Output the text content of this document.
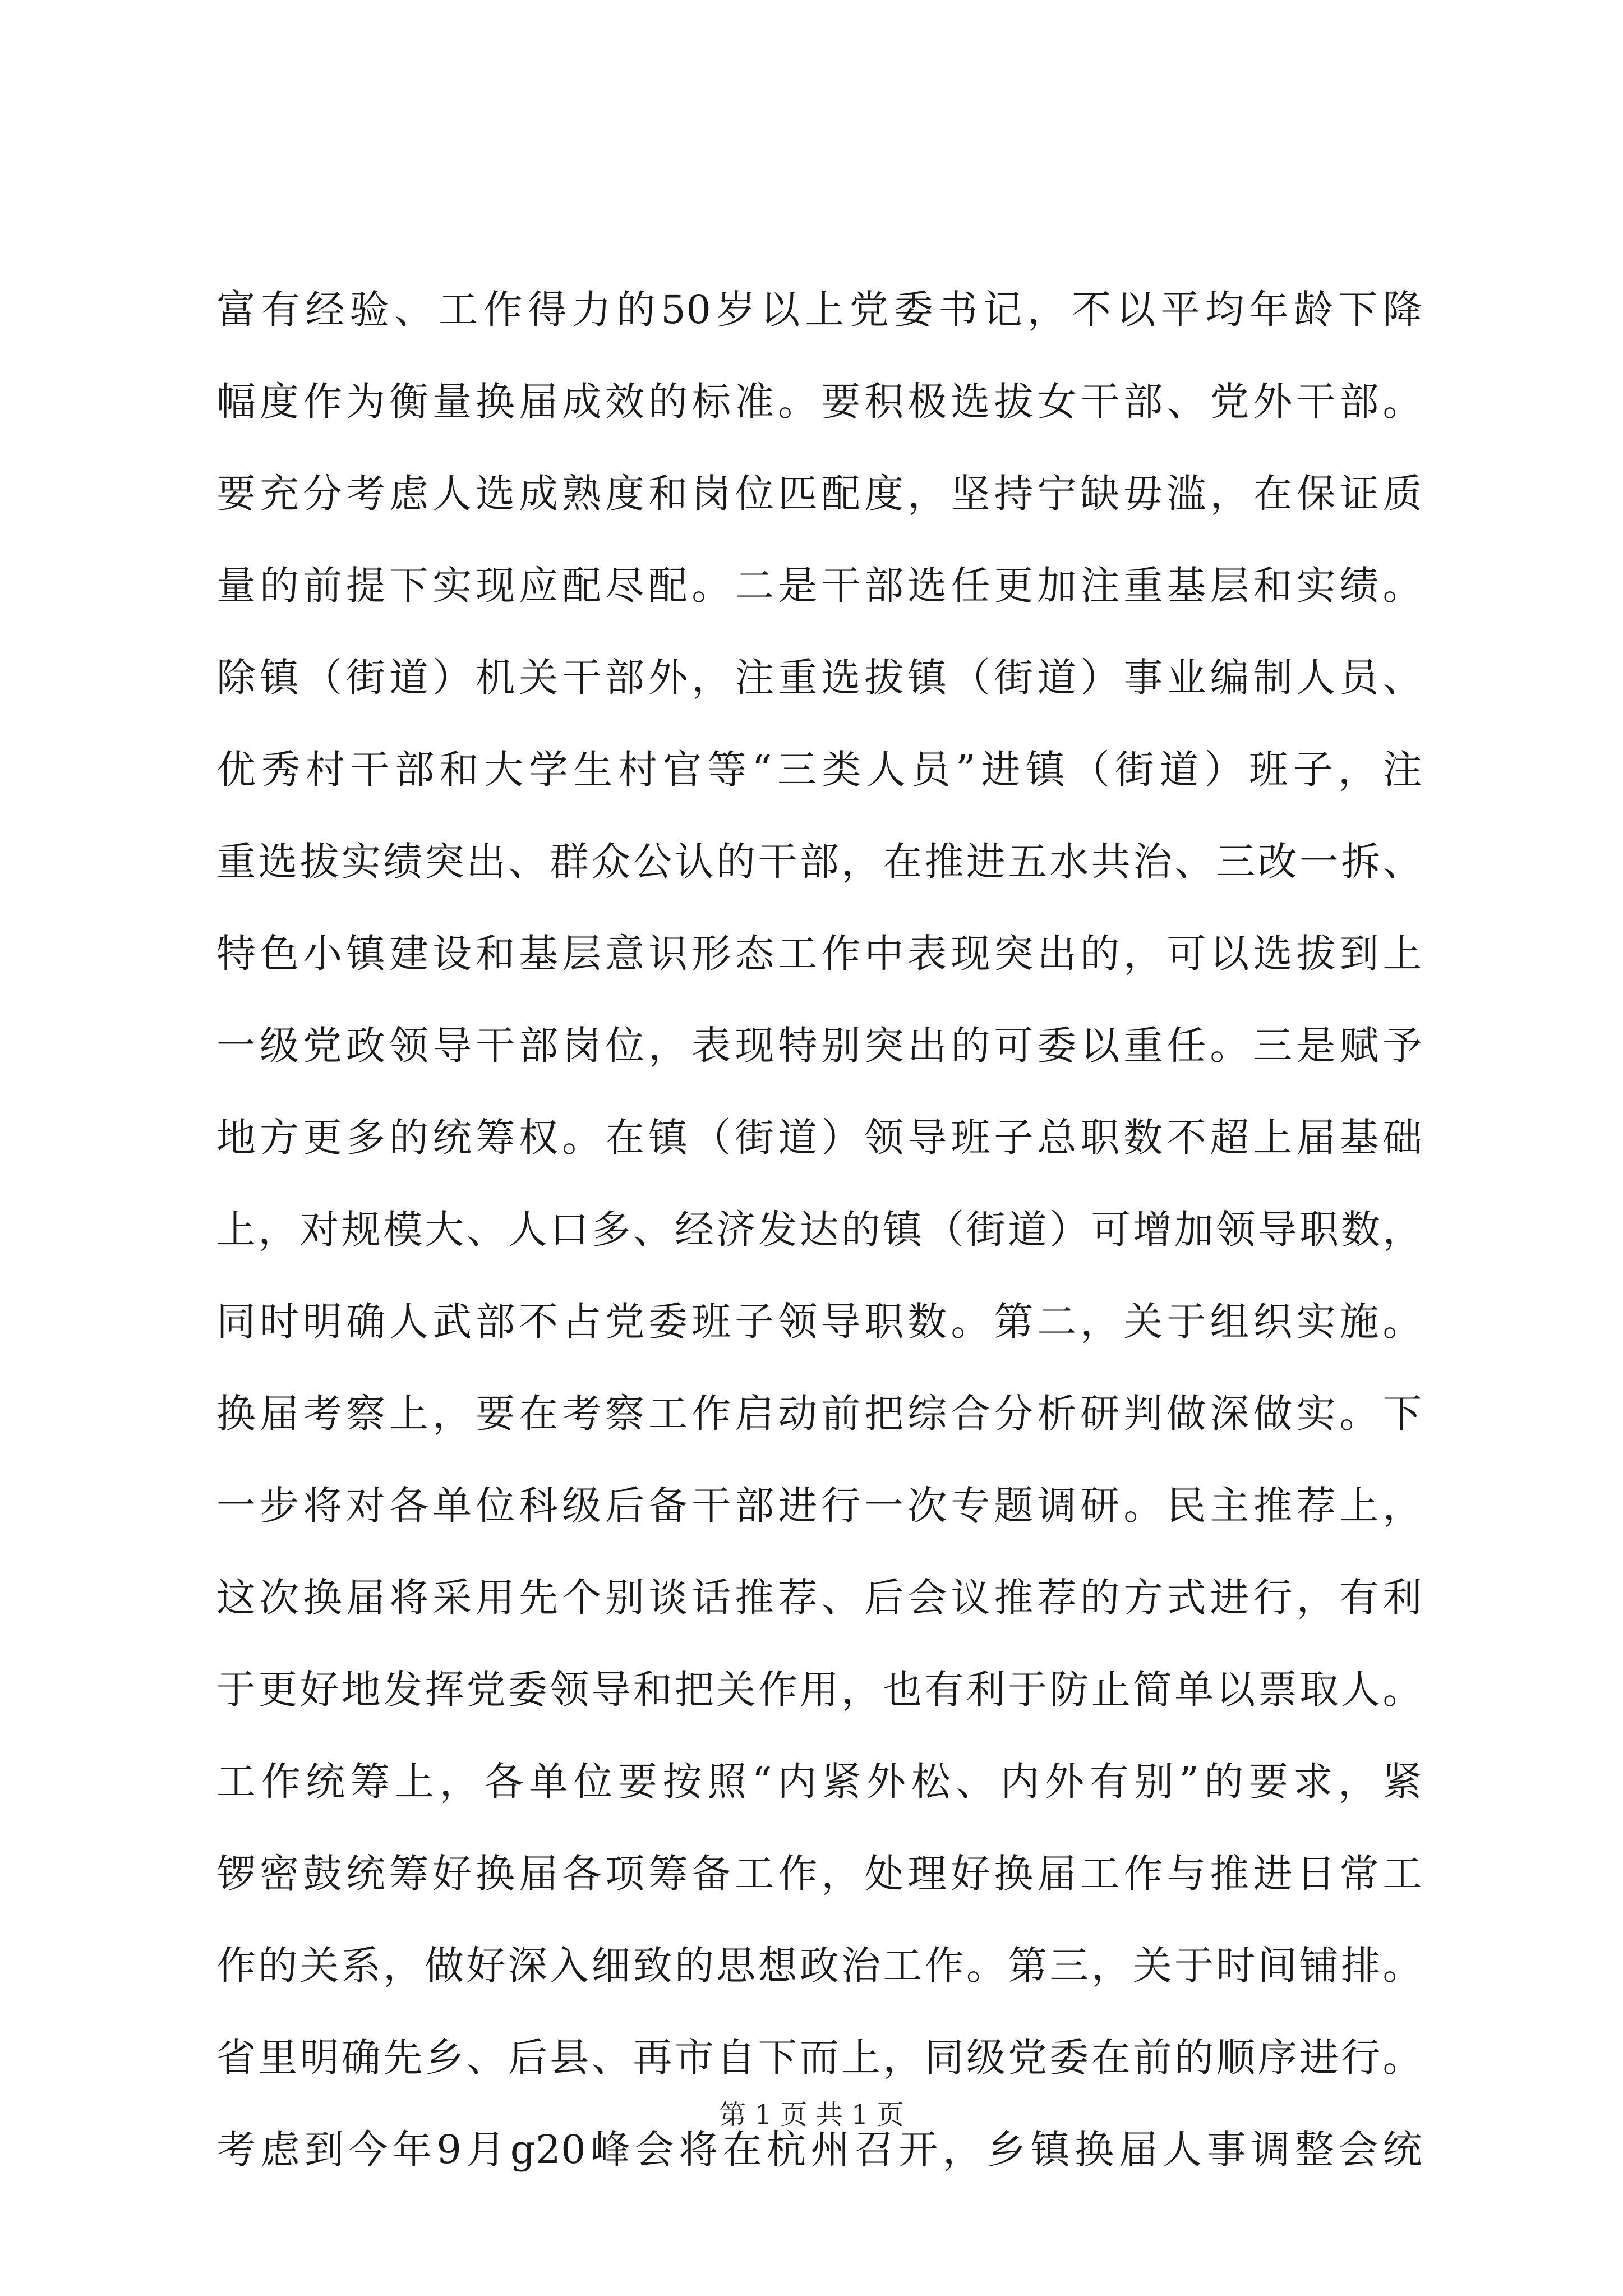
富有经验、工作得力的50岁以上党委书记，不以平均年龄下降
幅度作为衡量换届成效的标准。要积极选拔女干部、党外干部。
要充分考虑人选成熟度和岗位匹配度，坚持宁缺毋滥，在保证质
量的前提下实现应配尽配。二是干部选任更加注重基层和实绩。
除镇（街道）机关干部外，注重选拔镇（街道）事业编制人员、
优秀村干部和大学生村官等“三类人员”进镇（街道）班子，注
重选拔实绩突出、群众公认的干部，在推进五水共治、三改一拆、
特色小镇建设和基层意识形态工作中表现突出的，可以选拔到上
一级党政领导干部岗位，表现特别突出的可委以重任。三是赋予
地方更多的统筹权。在镇（街道）领导班子总职数不超上届基础
上，对规模大、人口多、经济发达的镇（街道）可增加领导职数，
同时明确人武部不占党委班子领导职数。第二，关于组织实施。
换届考察上，要在考察工作启动前把综合分析研判做深做实。下
一步将对各单位科级后备干部进行一次专题调研。民主推荐上，
这次换届将采用先个别谈话推荐、后会议推荐的方式进行，有利
于更好地发挥党委领导和把关作用，也有利于防止简单以票取人。
工作统筹上，各单位要按照“内紧外松、内外有别”的要求，紧
锣密鼓统筹好换届各项筹备工作，处理好换届工作与推进日常工
作的关系，做好深入细致的思想政治工作。第三，关于时间铺排。
省里明确先乡、后县、再市自下而上，同级党委在前的顺序进行。
考虑到今年9月g20峰会将在杭州召开，乡镇换届人事调整会统
第 1 页 共 1 页
